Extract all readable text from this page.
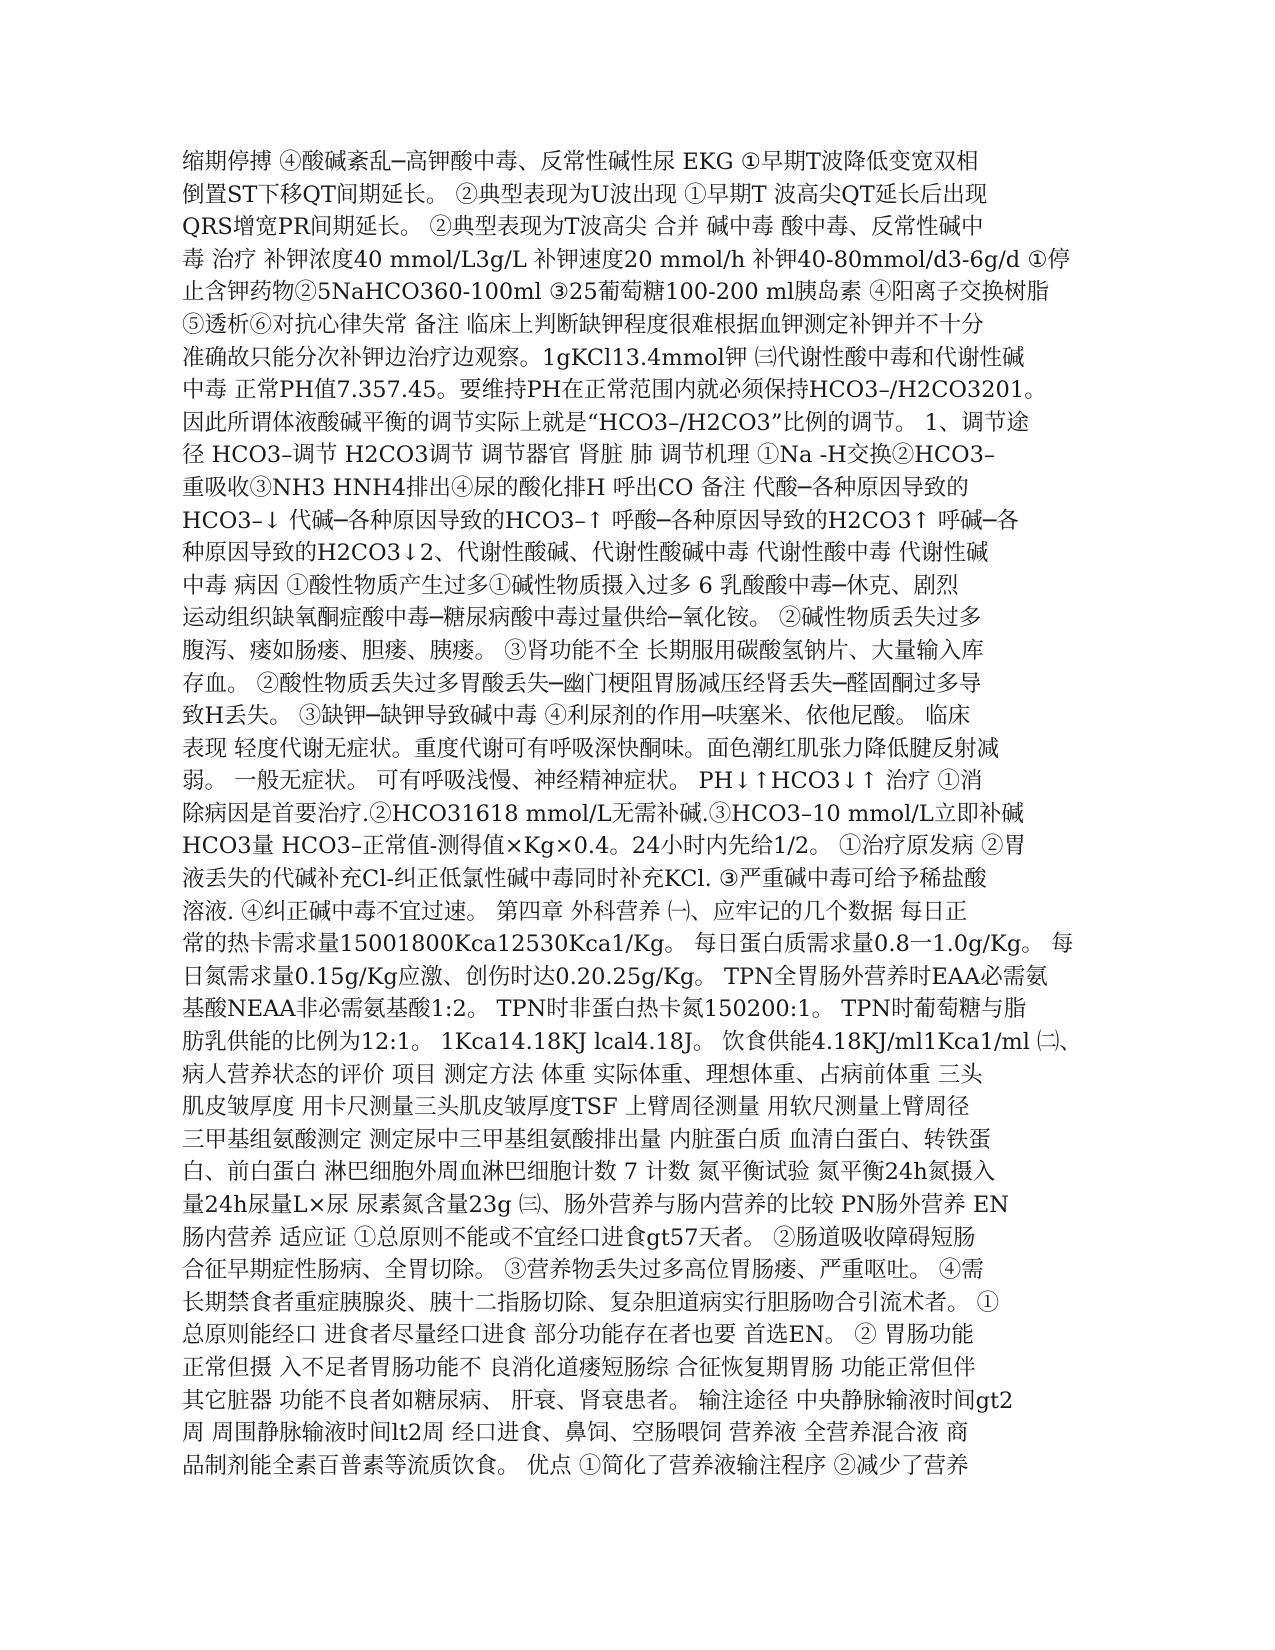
缩期停搏 ④酸碱紊乱─高钾酸中毒、反常性碱性尿 EKG ①早期T波降低变宽双相
倒置ST下移QT间期延长。 ②典型表现为U波出现 ①早期T 波高尖QT延长后出现
QRS增宽PR间期延长。 ②典型表现为T波高尖 合并 碱中毒 酸中毒、反常性碱中
毒 治疗 补钾浓度40 mmol/L3g/L 补钾速度20 mmol/h 补钾40-80mmol/d3-6g/d ①停
止含钾药物②5NaHCO360-100ml ③25葡萄糖100-200 ml胰岛素 ④阳离子交换树脂
⑤透析⑥对抗心律失常 备注 临床上判断缺钾程度很难根据血钾测定补钾并不十分
准确故只能分次补钾边治疗边观察。1gKCl13.4mmol钾 ㈢代谢性酸中毒和代谢性碱
中毒 正常PH值7.357.45。要维持PH在正常范围内就必须保持HCO3–/H2CO3201。
因此所谓体液酸碱平衡的调节实际上就是“HCO3–/H2CO3”比例的调节。 1、调节途
径 HCO3–调节 H2CO3调节 调节器官 肾脏 肺 调节机理 ①Na -H交换②HCO3–
重吸收③NH3 HNH4排出④尿的酸化排H 呼出CO 备注 代酸─各种原因导致的
HCO3–↓ 代碱─各种原因导致的HCO3–↑ 呼酸─各种原因导致的H2CO3↑ 呼碱─各
种原因导致的H2CO3↓2、代谢性酸碱、代谢性酸碱中毒 代谢性酸中毒 代谢性碱
中毒 病因 ①酸性物质产生过多①碱性物质摄入过多 6 乳酸酸中毒─休克、剧烈
运动组织缺氧酮症酸中毒─糖尿病酸中毒过量供给─氧化铵。 ②碱性物质丢失过多
腹泻、瘘如肠瘘、胆瘘、胰瘘。 ③肾功能不全 长期服用碳酸氢钠片、大量输入库
存血。 ②酸性物质丢失过多胃酸丢失─幽门梗阻胃肠减压经肾丢失─醛固酮过多导
致H丢失。 ③缺钾─缺钾导致碱中毒 ④利尿剂的作用─呋塞米、依他尼酸。 临床
表现 轻度代谢无症状。重度代谢可有呼吸深快酮味。面色潮红肌张力降低腱反射减
弱。 一般无症状。 可有呼吸浅慢、神经精神症状。 PH↓↑HCO3↓↑ 治疗 ①消
除病因是首要治疗.②HCO31618 mmol/L无需补碱.③HCO3–10 mmol/L立即补碱
HCO3量 HCO3–正常值-测得值×Kg×0.4。24小时内先给1/2。 ①治疗原发病 ②胃
液丢失的代碱补充Cl-纠正低氯性碱中毒同时补充KCl. ③严重碱中毒可给予稀盐酸
溶液. ④纠正碱中毒不宜过速。 第四章 外科营养 ㈠、应牢记的几个数据 每日正
常的热卡需求量15001800Kca12530Kca1/Kg。 每日蛋白质需求量0.8一1.0g/Kg。 每
日氮需求量0.15g/Kg应激、创伤时达0.20.25g/Kg。 TPN全胃肠外营养时EAA必需氨
基酸NEAA非必需氨基酸1:2。 TPN时非蛋白热卡氮150200:1。 TPN时葡萄糖与脂
肪乳供能的比例为12:1。 1Kca14.18KJ lcal4.18J。 饮食供能4.18KJ/ml1Kca1/ml ㈡、
病人营养状态的评价 项目 测定方法 体重 实际体重、理想体重、占病前体重 三头
肌皮皱厚度 用卡尺测量三头肌皮皱厚度TSF 上臂周径测量 用软尺测量上臂周径
三甲基组氨酸测定 测定尿中三甲基组氨酸排出量 内脏蛋白质 血清白蛋白、转铁蛋
白、前白蛋白 淋巴细胞外周血淋巴细胞计数 7 计数 氮平衡试验 氮平衡24h氮摄入
量24h尿量L×尿 尿素氮含量23g ㈢、肠外营养与肠内营养的比较 PN肠外营养 EN
肠内营养 适应证 ①总原则不能或不宜经口进食gt57天者。 ②肠道吸收障碍短肠
合征早期症性肠病、全胃切除。 ③营养物丢失过多高位胃肠瘘、严重呕吐。 ④需
长期禁食者重症胰腺炎、胰十二指肠切除、复杂胆道病实行胆肠吻合引流术者。 ①
总原则能经口 进食者尽量经口进食 部分功能存在者也要 首选EN。 ② 胃肠功能
正常但摄 入不足者胃肠功能不 良消化道瘘短肠综 合征恢复期胃肠 功能正常但伴
其它脏器 功能不良者如糖尿病、 肝衰、肾衰患者。 输注途径 中央静脉输液时间gt2
周 周围静脉输液时间lt2周 经口进食、鼻饲、空肠喂饲 营养液 全营养混合液 商
品制剂能全素百普素等流质饮食。 优点 ①简化了营养液输注程序 ②减少了营养
